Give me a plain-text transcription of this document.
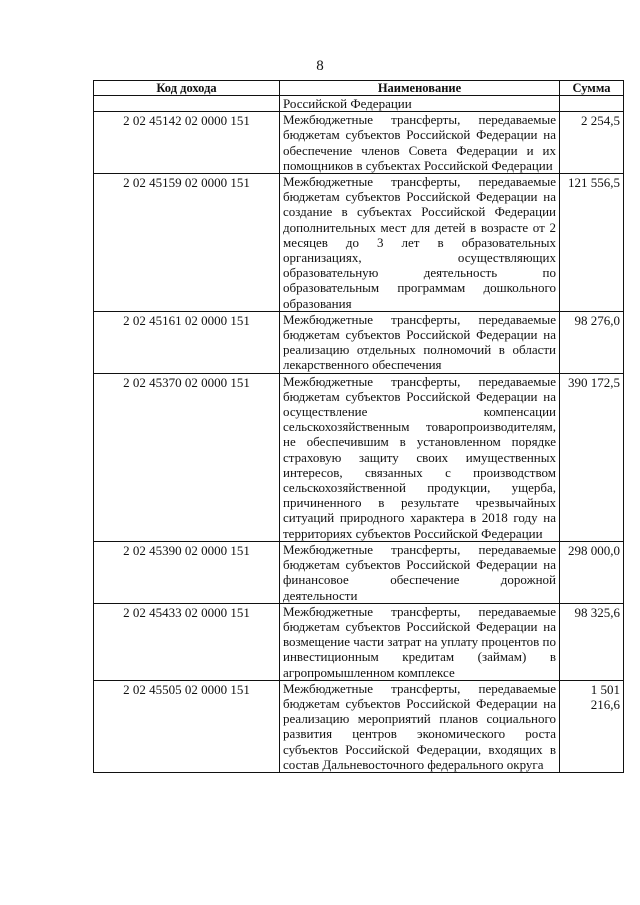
8
Код дохода	Наименование	Сумма
	Российской Федерации	
2 02 45142 02 0000 151	Межбюджетные трансферты, передаваемые бюджетам субъектов Российской Федерации на обеспечение членов Совета Федерации и их помощников в субъектах Российской Федерации	2 254,5
2 02 45159 02 0000 151	Межбюджетные трансферты, передаваемые бюджетам субъектов Российской Федерации на создание в субъектах Российской Федерации дополнительных мест для детей в возрасте от 2 месяцев до 3 лет в образовательных организациях, осуществляющих образовательную деятельность по образовательным программам дошкольного образования	121 556,5
2 02 45161 02 0000 151	Межбюджетные трансферты, передаваемые бюджетам субъектов Российской Федерации на реализацию отдельных полномочий в области лекарственного обеспечения	98 276,0
2 02 45370 02 0000 151	Межбюджетные трансферты, передаваемые бюджетам субъектов Российской Федерации на осуществление компенсации сельскохозяйственным товаропроизводителям, не обеспечившим в установленном порядке страховую защиту своих имущественных интересов, связанных с производством сельскохозяйственной продукции, ущерба, причиненного в результате чрезвычайных ситуаций природного характера в 2018 году на территориях субъектов Российской Федерации	390 172,5
2 02 45390 02 0000 151	Межбюджетные трансферты, передаваемые бюджетам субъектов Российской Федерации на финансовое обеспечение дорожной деятельности	298 000,0
2 02 45433 02 0000 151	Межбюджетные трансферты, передаваемые бюджетам субъектов Российской Федерации на возмещение части затрат на уплату процентов по инвестиционным кредитам (займам) в агропромышленном комплексе	98 325,6
2 02 45505 02 0000 151	Межбюджетные трансферты, передаваемые бюджетам субъектов Российской Федерации на реализацию мероприятий планов социального развития центров экономического роста субъектов Российской Федерации, входящих в состав Дальневосточного федерального округа	1 501 216,6
